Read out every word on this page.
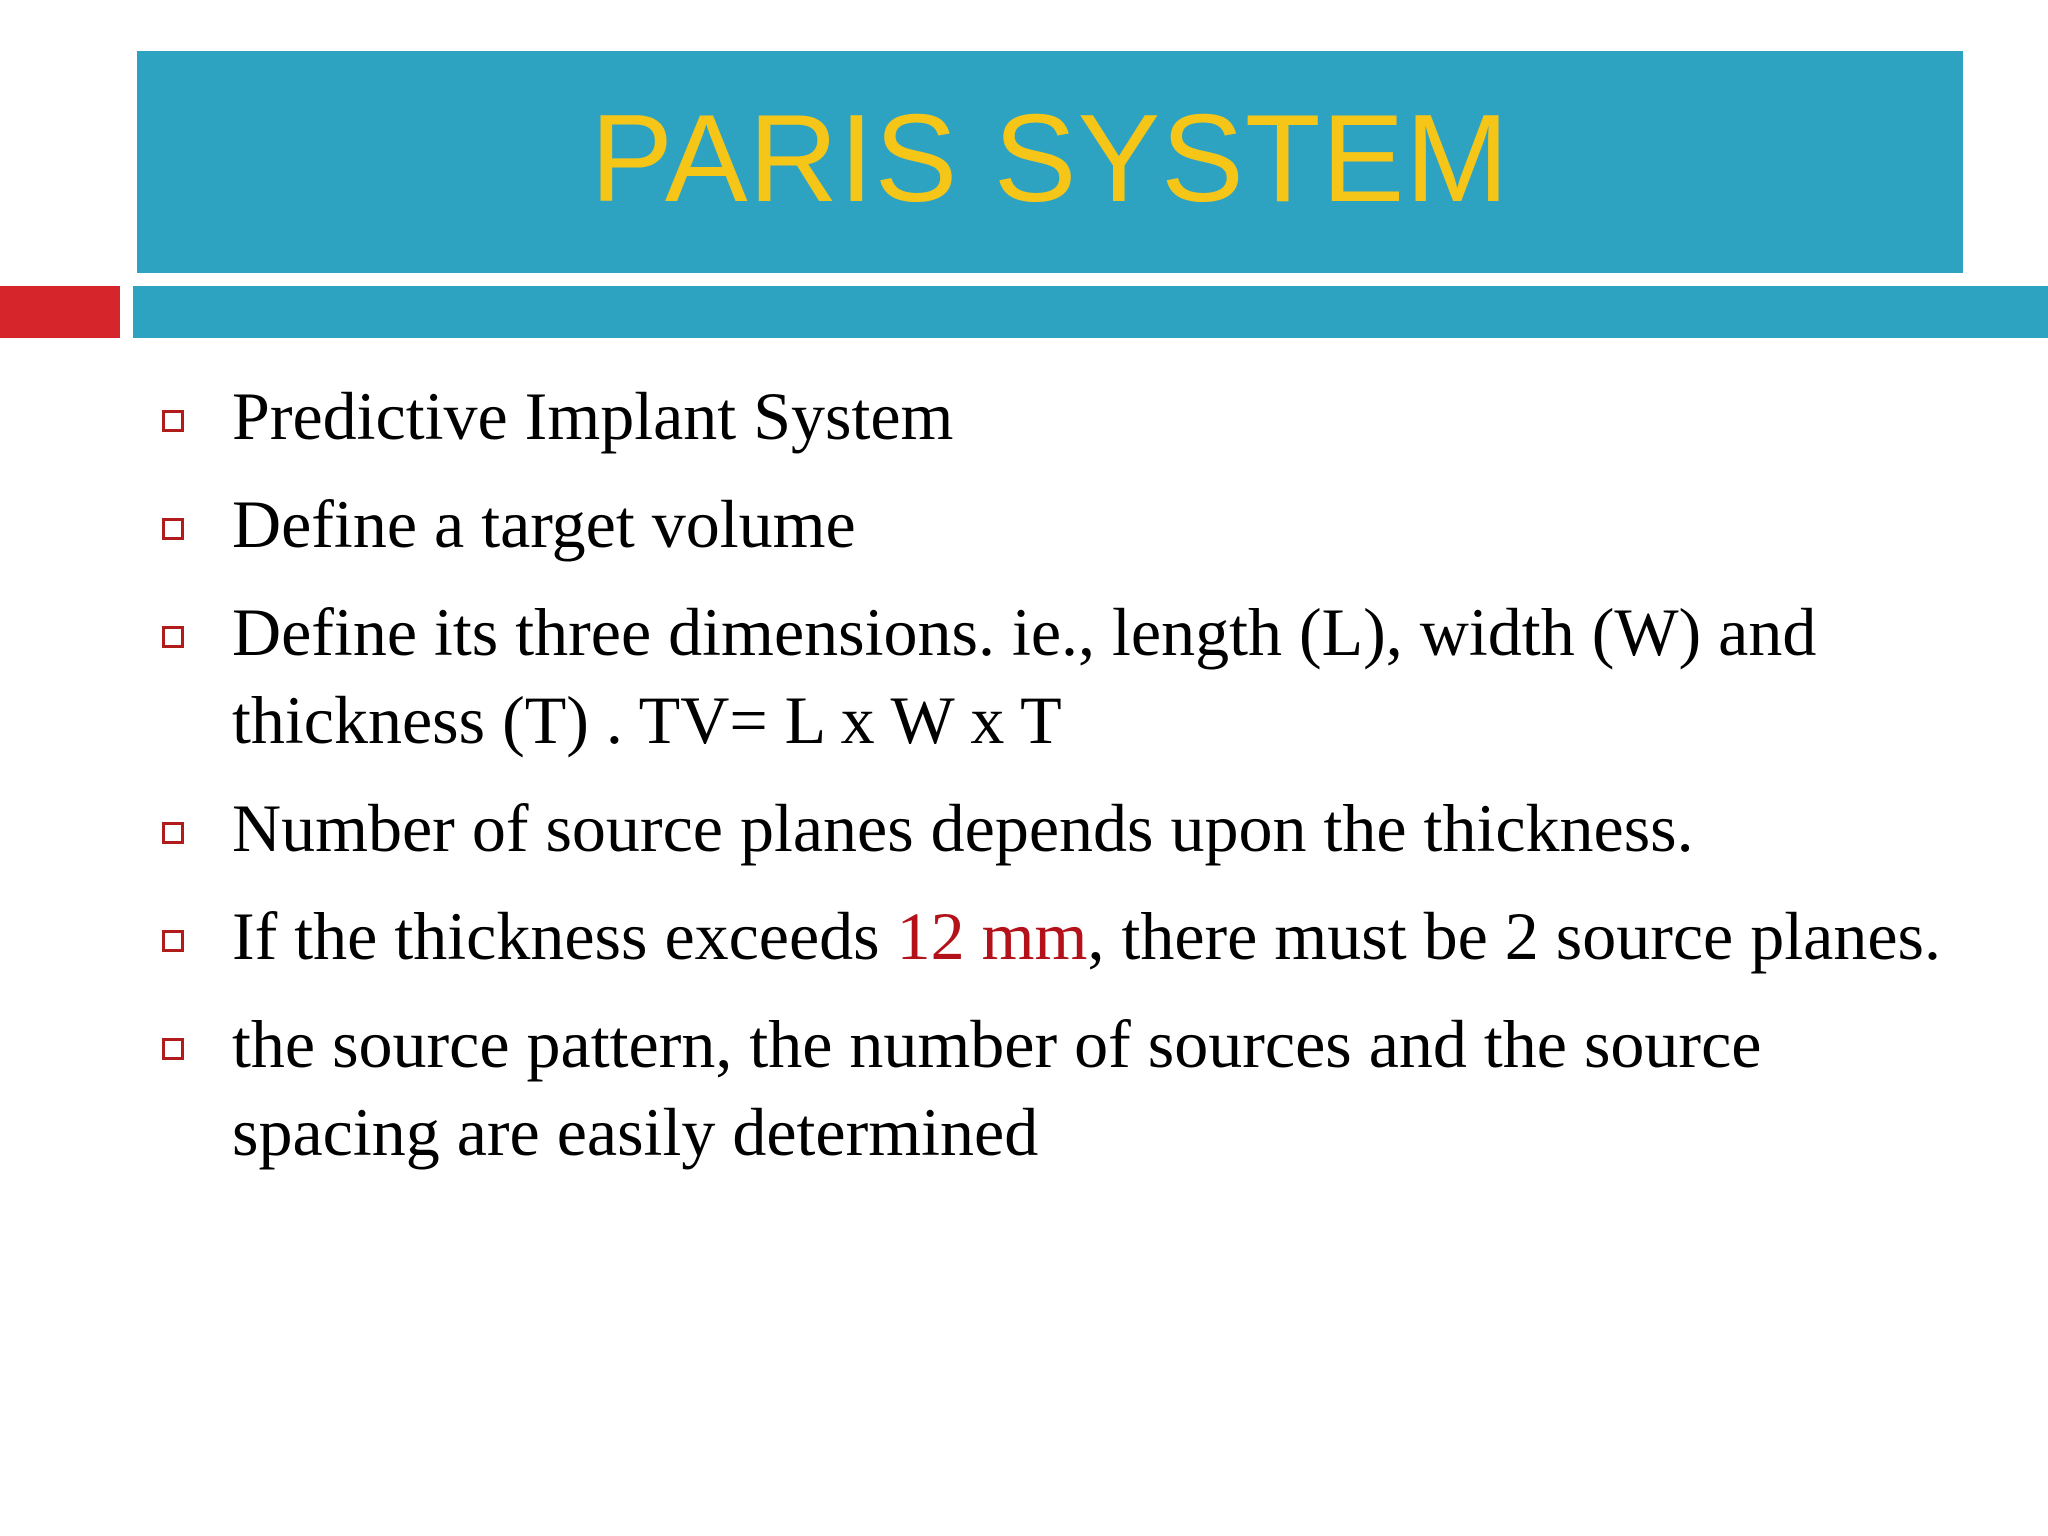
PARIS SYSTEM
Predictive Implant System
Define a target volume
Define its three dimensions. ie., length (L), width (W) and thickness (T) . TV= L x W x T
Number of source planes depends upon the thickness.
If the thickness exceeds 12 mm, there must be 2 source planes.
the source pattern, the number of sources and the source spacing are easily determined
